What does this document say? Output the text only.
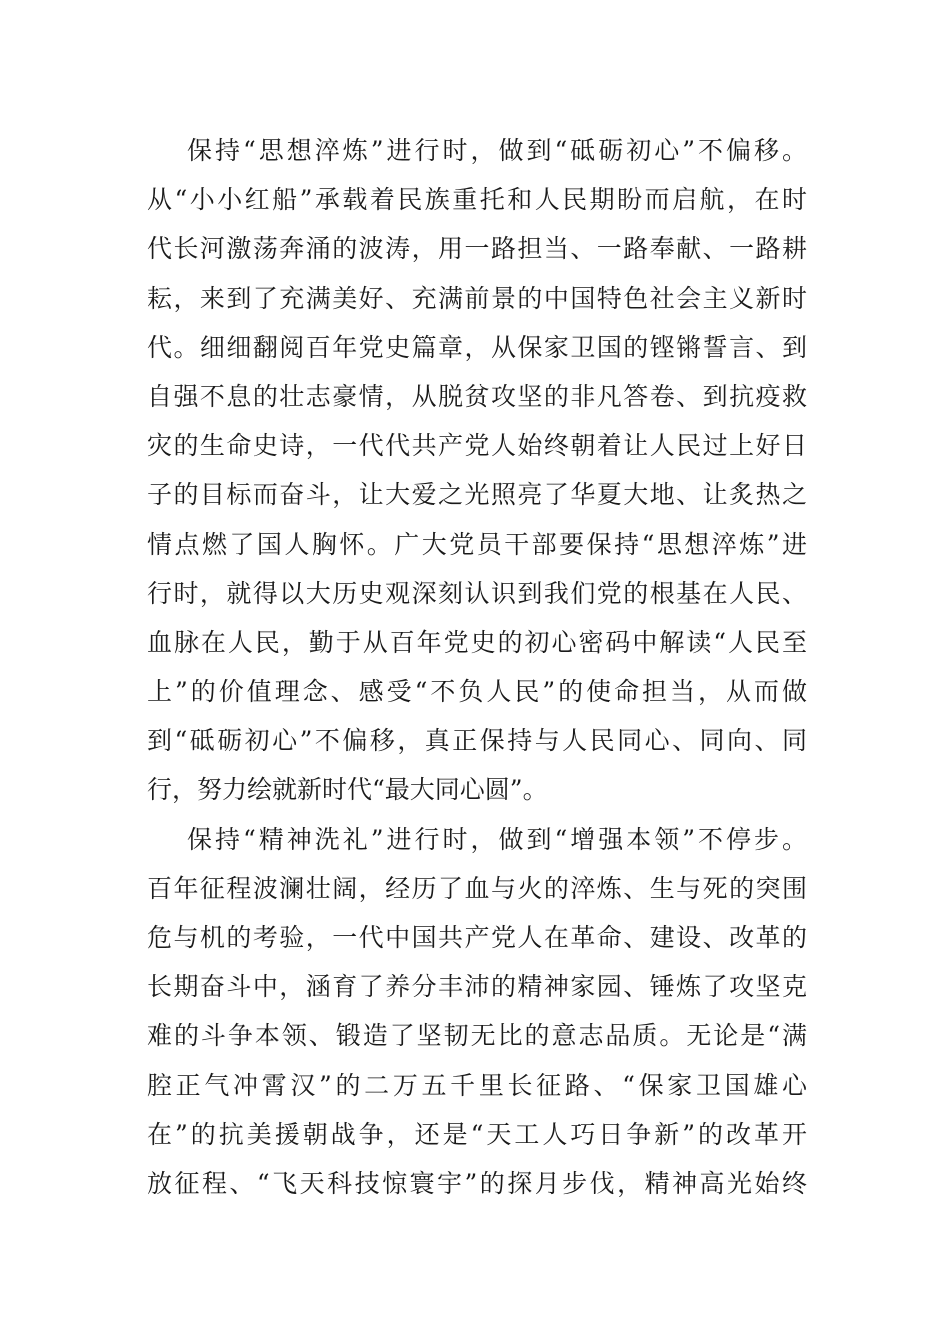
保持“思想淬炼”进行时，做到“砥砺初心”不偏移。
从“小小红船”承载着民族重托和人民期盼而启航，在时
代长河激荡奔涌的波涛，用一路担当、一路奉献、一路耕
耘，来到了充满美好、充满前景的中国特色社会主义新时
代。细细翻阅百年党史篇章，从保家卫国的铿锵誓言、到
自强不息的壮志豪情，从脱贫攻坚的非凡答卷、到抗疫救
灾的生命史诗，一代代共产党人始终朝着让人民过上好日
子的目标而奋斗，让大爱之光照亮了华夏大地、让炙热之
情点燃了国人胸怀。广大党员干部要保持“思想淬炼”进
行时，就得以大历史观深刻认识到我们党的根基在人民、
血脉在人民，勤于从百年党史的初心密码中解读“人民至
上”的价值理念、感受“不负人民”的使命担当，从而做
到“砥砺初心”不偏移，真正保持与人民同心、同向、同
行，努力绘就新时代“最大同心圆”。
保持“精神洗礼”进行时，做到“增强本领”不停步。
百年征程波澜壮阔，经历了血与火的淬炼、生与死的突围
危与机的考验，一代中国共产党人在革命、建设、改革的
长期奋斗中，涵育了养分丰沛的精神家园、锤炼了攻坚克
难的斗争本领、锻造了坚韧无比的意志品质。无论是“满
腔正气冲霄汉”的二万五千里长征路、“保家卫国雄心
在”的抗美援朝战争，还是“天工人巧日争新”的改革开
放征程、“飞天科技惊寰宇”的探月步伐，精神高光始终
